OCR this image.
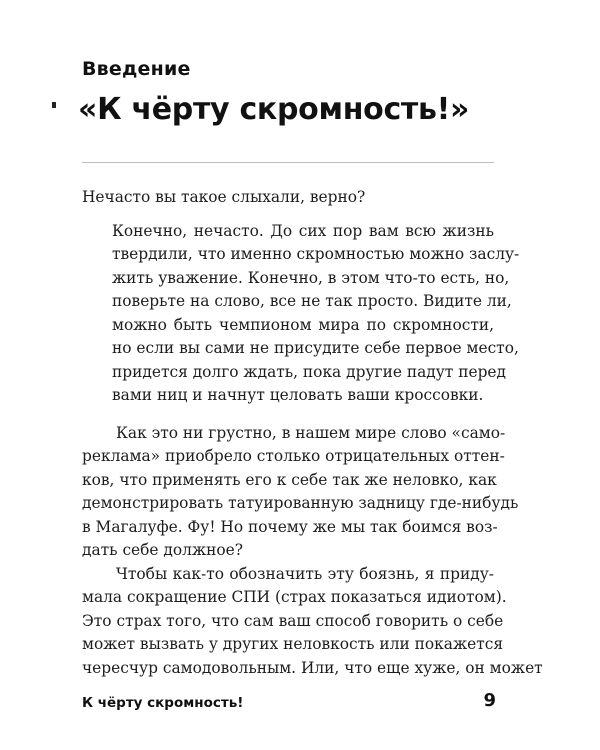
Введение
«К чёрту скромность!»

Нечасто вы такое слыхали, верно?

Конечно, нечасто. До сих пор вам всю жизнь
твердили, что именно скромностью можно заслу-
жить уважение. Конечно, в этом что-то есть, но,
поверьте на слово, все не так просто. Видите ли,
можно быть чемпионом мира по скромности,
но если вы сами не присудите себе первое место,
придется долго ждать, пока другие падут перед
вами ниц и начнут целовать ваши кроссовки.
Как это ни грустно, в нашем мире слово «само-
реклама» приобрело столько отрицательных оттен-
ков, что применять его к себе так же неловко, как
демонстрировать татуированную задницу где-нибудь
в Магалуфе. Фу! Но почему же мы так боимся воз-
дать себе должное?
Чтобы как-то обозначить эту боязнь, я приду-
мала сокращение СПИ (страх показаться идиотом).
Это страх того, что сам ваш способ говорить о себе
может вызвать у других неловкость или покажется
чересчур самодовольным. Или, что еще хуже, он может
К чёрту скромность!	9
